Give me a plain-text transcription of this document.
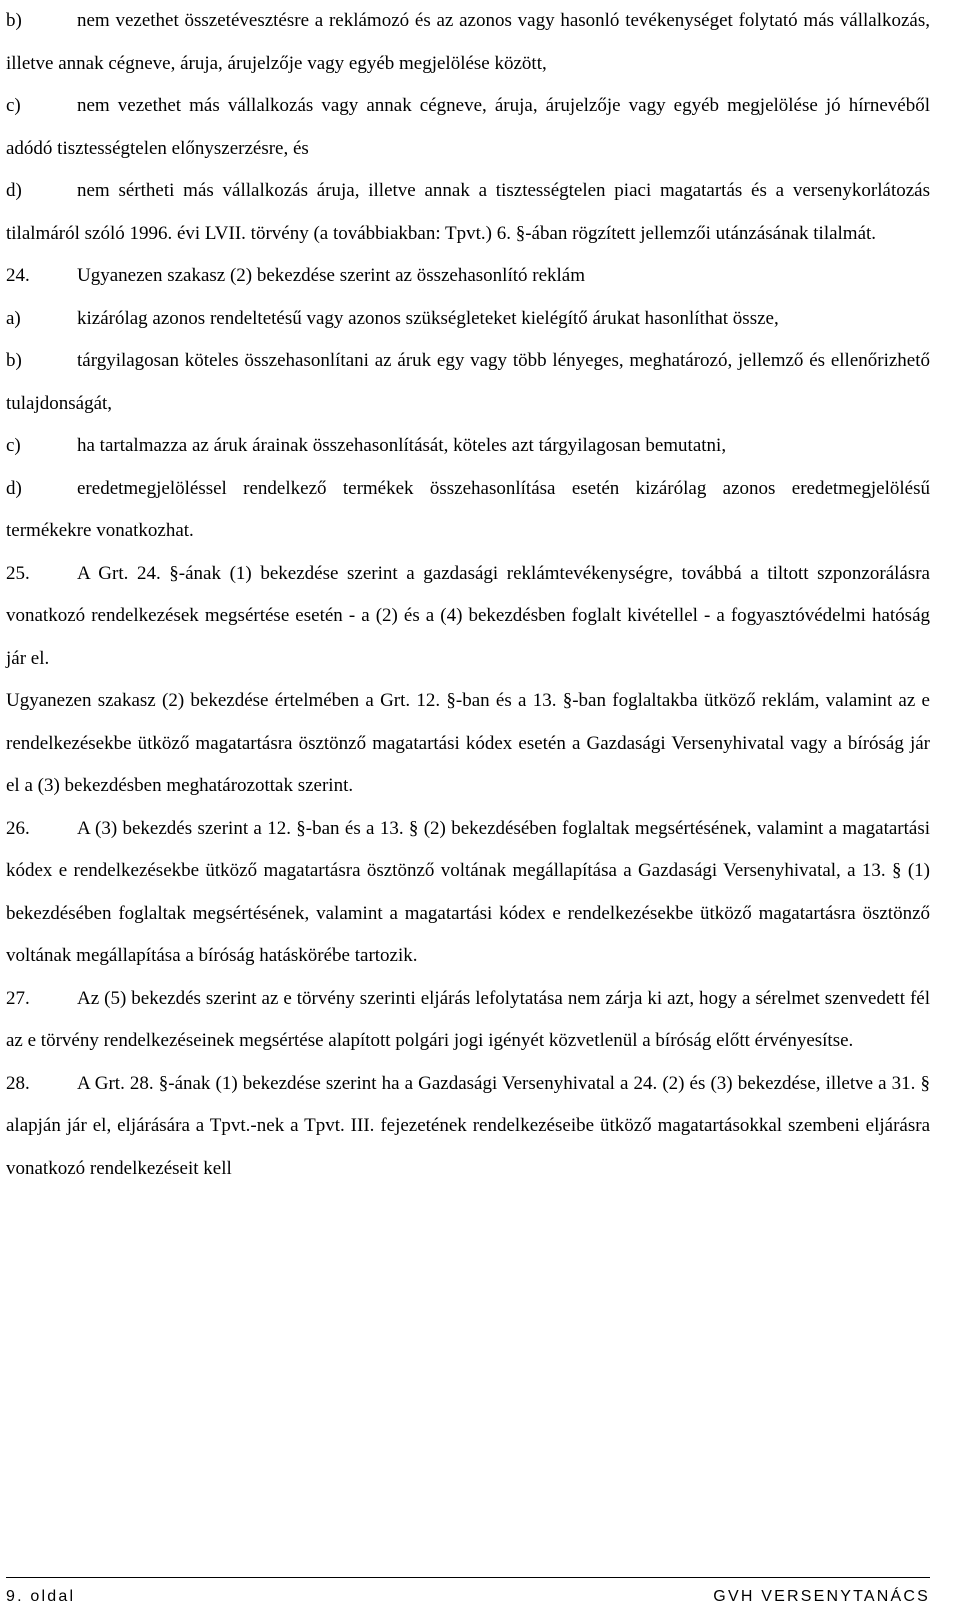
b)	nem vezethet összetévesztésre a reklámozó és az azonos vagy hasonló tevékenységet folytató más vállalkozás, illetve annak cégneve, áruja, árujelzője vagy egyéb megjelölése között,

c)	nem vezethet más vállalkozás vagy annak cégneve, áruja, árujelzője vagy egyéb megjelölése jó hírnevéből adódó tisztességtelen előnyszerzésre, és

d)	nem sértheti más vállalkozás áruja, illetve annak a tisztességtelen piaci magatartás és a versenykorlátozás tilalmáról szóló 1996. évi LVII. törvény (a továbbiakban: Tpvt.) 6. §-ában rögzített jellemzői utánzásának tilalmát.

24. Ugyanezen szakasz (2) bekezdése szerint az összehasonlító reklám

a)	kizárólag azonos rendeltetésű vagy azonos szükségleteket kielégítő árukat hasonlíthat össze,

b)	tárgyilagosan köteles összehasonlítani az áruk egy vagy több lényeges, meghatározó, jellemző és ellenőrizhető tulajdonságát,

c)	ha tartalmazza az áruk árainak összehasonlítását, köteles azt tárgyilagosan bemutatni,

d)	eredetmegjelöléssel rendelkező termékek összehasonlítása esetén kizárólag azonos eredetmegjelölésű termékekre vonatkozhat.

25. A Grt. 24. §-ának (1) bekezdése szerint a gazdasági reklámtevékenységre, továbbá a tiltott szponzorálásra vonatkozó rendelkezések megsértése esetén - a (2) és a (4) bekezdésben foglalt kivétellel - a fogyasztóvédelmi hatóság jár el.

Ugyanezen szakasz (2) bekezdése értelmében a Grt. 12. §-ban és a 13. §-ban foglaltakba ütköző reklám, valamint az e rendelkezésekbe ütköző magatartásra ösztönző magatartási kódex esetén a Gazdasági Versenyhivatal vagy a bíróság jár el a (3) bekezdésben meghatározottak szerint.

26. A (3) bekezdés szerint a 12. §-ban és a 13. § (2) bekezdésében foglaltak megsértésének, valamint a magatartási kódex e rendelkezésekbe ütköző magatartásra ösztönző voltának megállapítása a Gazdasági Versenyhivatal, a 13. § (1) bekezdésében foglaltak megsértésének, valamint a magatartási kódex e rendelkezésekbe ütköző magatartásra ösztönző voltának megállapítása a bíróság hatáskörébe tartozik.

27. Az (5) bekezdés szerint az e törvény szerinti eljárás lefolytatása nem zárja ki azt, hogy a sérelmet szenvedett fél az e törvény rendelkezéseinek megsértése alapított polgári jogi igényét közvetlenül a bíróság előtt érvényesítse.

28. A Grt. 28. §-ának (1) bekezdése szerint ha a Gazdasági Versenyhivatal a 24. (2) és (3) bekezdése, illetve a 31. § alapján jár el, eljárására a Tpvt.-nek a Tpvt. III. fejezetének rendelkezéseibe ütköző magatartásokkal szembeni eljárásra vonatkozó rendelkezéseit kell

9. oldal	GVH VERSENYTANÁCS
